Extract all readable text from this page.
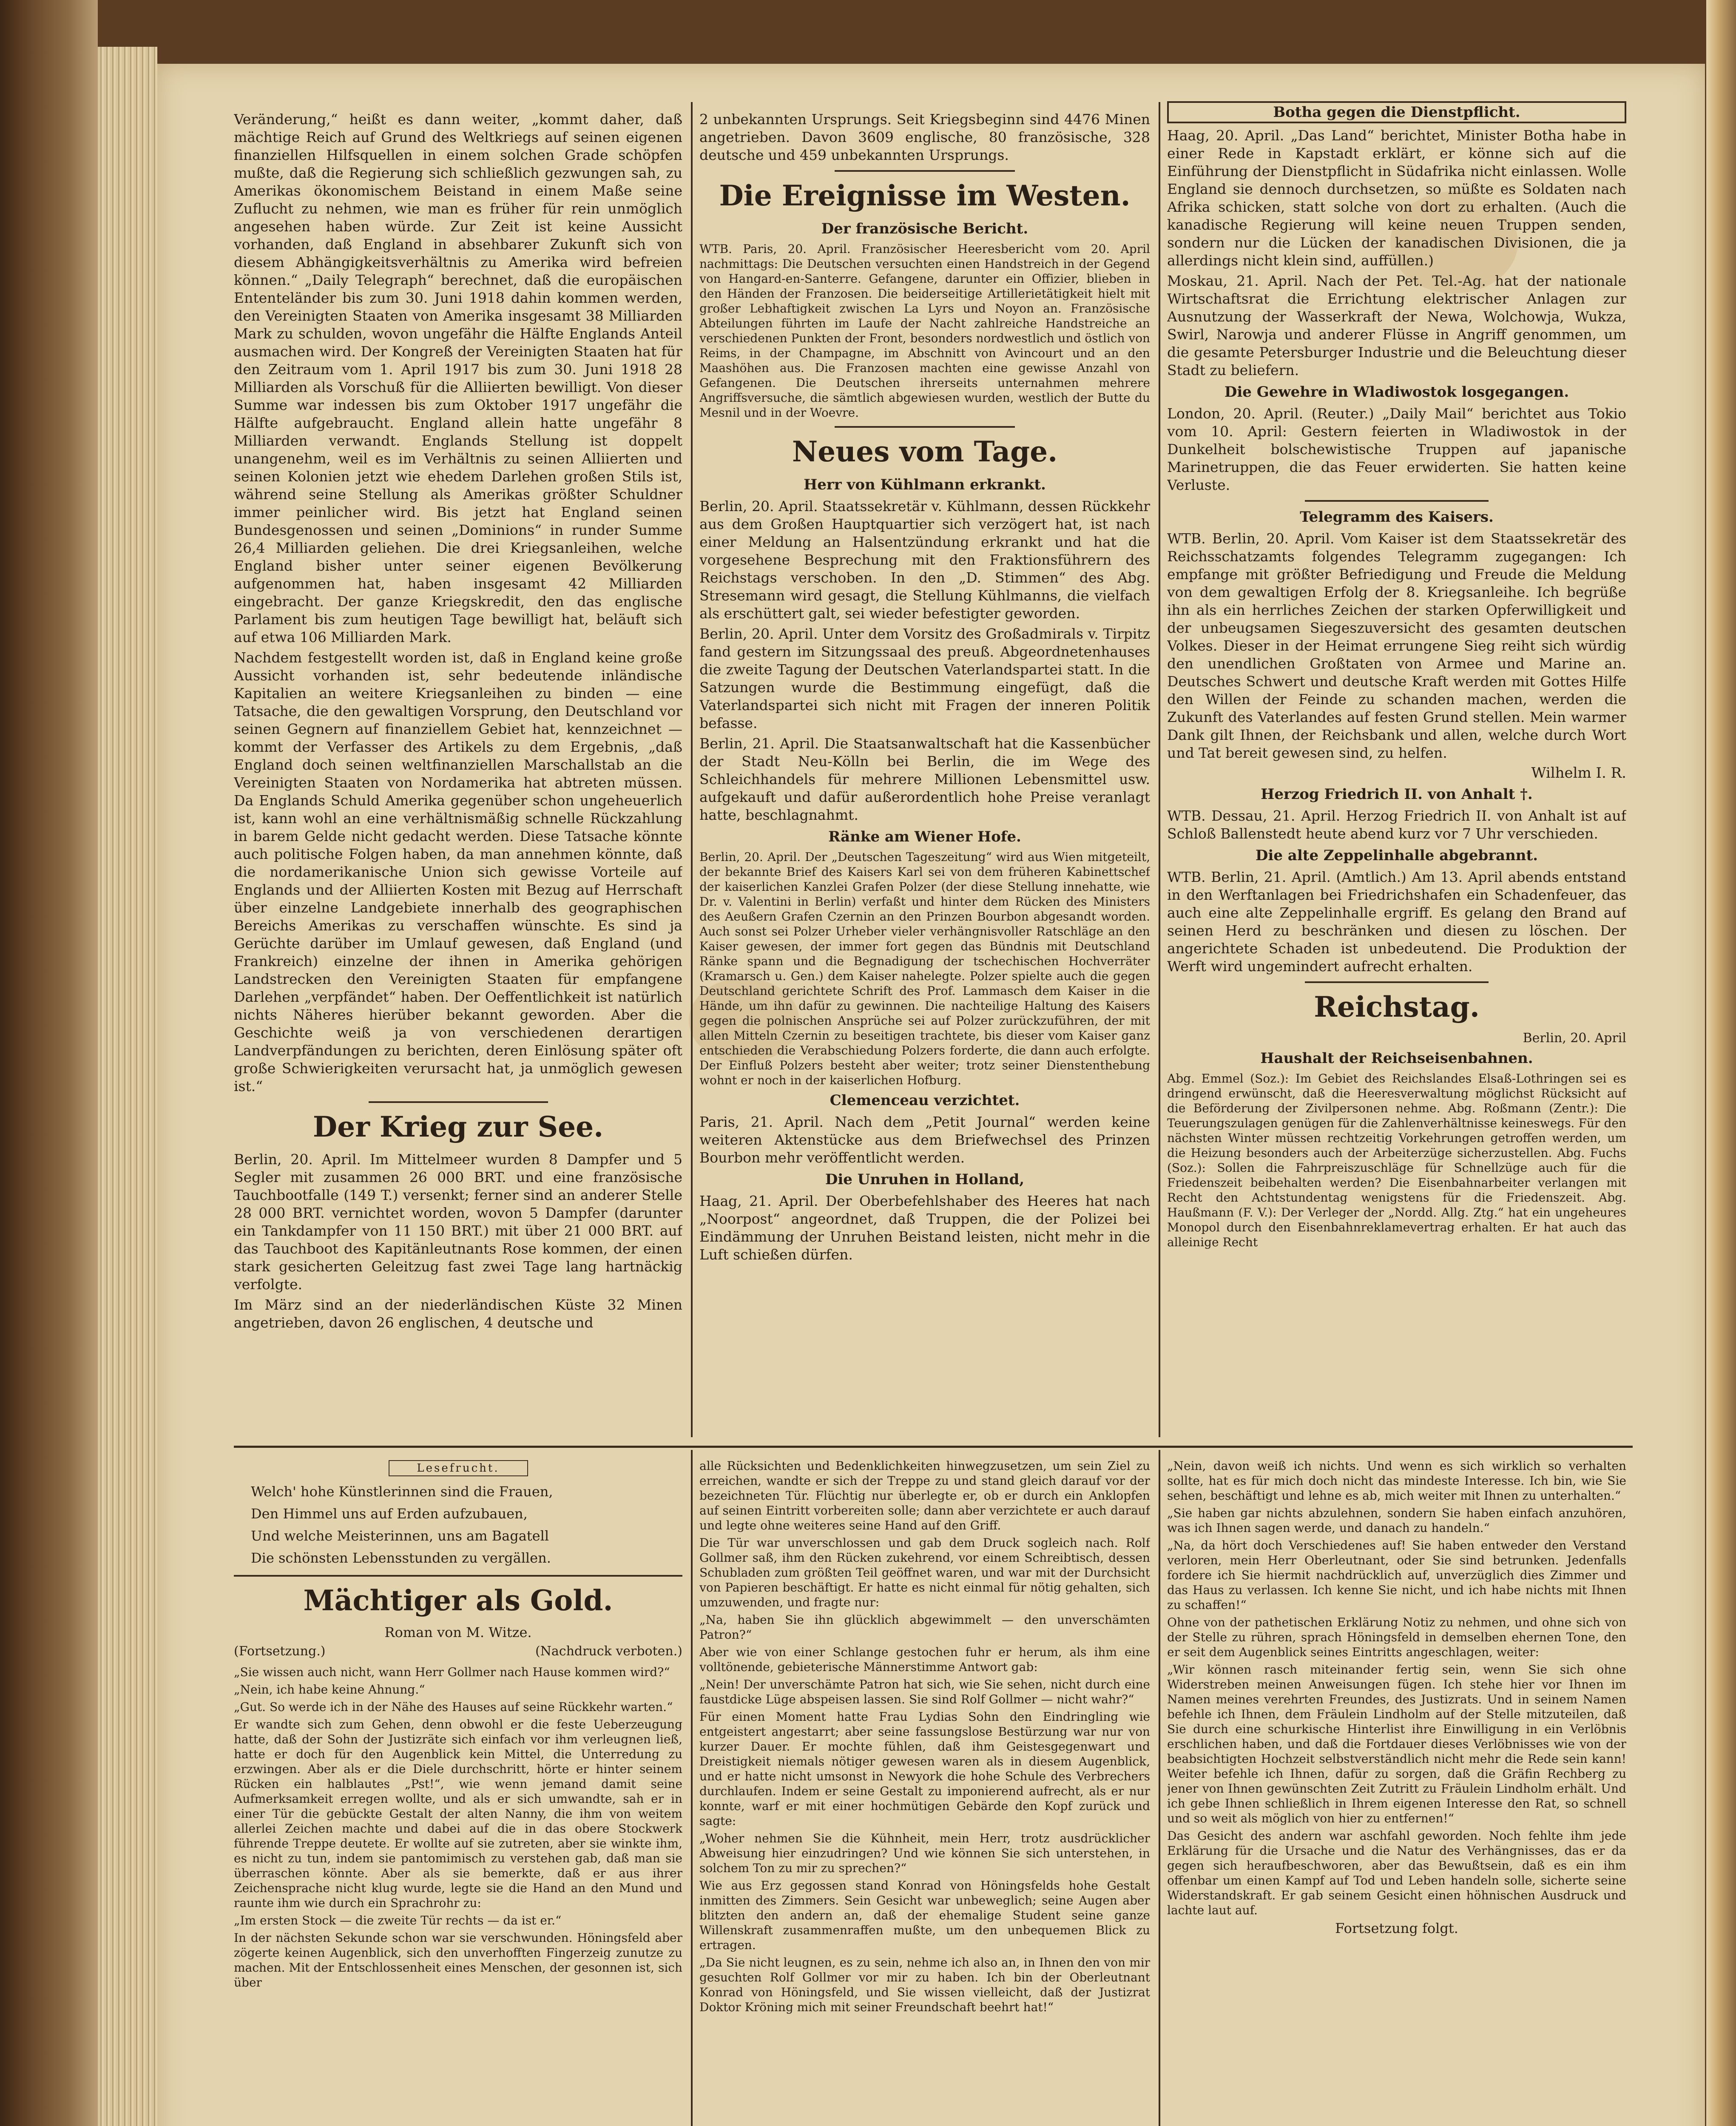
Veränderung,“ heißt es dann weiter, „kommt daher, daß mächtige Reich auf Grund des Weltkriegs auf seinen eigenen finanziellen Hilfsquellen in einem solchen Grade schöpfen mußte, daß die Regierung sich schließlich gezwungen sah, zu Amerikas ökonomischem Beistand in einem Maße seine Zuflucht zu nehmen, wie man es früher für rein unmöglich angesehen haben würde. Zur Zeit ist keine Aussicht vorhanden, daß England in absehbarer Zukunft sich von diesem Abhängigkeitsverhältnis zu Amerika wird befreien können.“ „Daily Telegraph“ berechnet, daß die europäischen Ententeländer bis zum 30. Juni 1918 dahin kommen werden, den Vereinigten Staaten von Amerika insgesamt 38 Milliarden Mark zu schulden, wovon ungefähr die Hälfte Englands Anteil ausmachen wird. Der Kongreß der Vereinigten Staaten hat für den Zeitraum vom 1. April 1917 bis zum 30. Juni 1918 28 Milliarden als Vorschuß für die Alliierten bewilligt. Von dieser Summe war indessen bis zum Oktober 1917 ungefähr die Hälfte aufgebraucht. England allein hatte ungefähr 8 Milliarden verwandt. Englands Stellung ist doppelt unangenehm, weil es im Verhältnis zu seinen Alliierten und seinen Kolonien jetzt wie ehedem Darlehen großen Stils ist, während seine Stellung als Amerikas größter Schuldner immer peinlicher wird. Bis jetzt hat England seinen Bundesgenossen und seinen „Dominions“ in runder Summe 26,4 Milliarden geliehen. Die drei Kriegsanleihen, welche England bisher unter seiner eigenen Bevölkerung aufgenommen hat, haben insgesamt 42 Milliarden eingebracht. Der ganze Kriegskredit, den das englische Parlament bis zum heutigen Tage bewilligt hat, beläuft sich auf etwa 106 Milliarden Mark.

Nachdem festgestellt worden ist, daß in England keine große Aussicht vorhanden ist, sehr bedeutende inländische Kapitalien an weitere Kriegsanleihen zu binden — eine Tatsache, die den gewaltigen Vorsprung, den Deutschland vor seinen Gegnern auf finanziellem Gebiet hat, kennzeichnet — kommt der Verfasser des Artikels zu dem Ergebnis, „daß England doch seinen weltfinanziellen Marschallstab an die Vereinigten Staaten von Nordamerika hat abtreten müssen. Da Englands Schuld Amerika gegenüber schon ungeheuerlich ist, kann wohl an eine verhältnismäßig schnelle Rückzahlung in barem Gelde nicht gedacht werden. Diese Tatsache könnte auch politische Folgen haben, da man annehmen könnte, daß die nordamerikanische Union sich gewisse Vorteile auf Englands und der Alliierten Kosten mit Bezug auf Herrschaft über einzelne Landgebiete innerhalb des geographischen Bereichs Amerikas zu verschaffen wünschte. Es sind ja Gerüchte darüber im Umlauf gewesen, daß England (und Frankreich) einzelne der ihnen in Amerika gehörigen Landstrecken den Vereinigten Staaten für empfangene Darlehen „verpfändet“ haben. Der Oeffentlichkeit ist natürlich nichts Näheres hierüber bekannt geworden. Aber die Geschichte weiß ja von verschiedenen derartigen Landverpfändungen zu berichten, deren Einlösung später oft große Schwierigkeiten verursacht hat, ja unmöglich gewesen ist.“

Der Krieg zur See.

Berlin, 20. April. Im Mittelmeer wurden 8 Dampfer und 5 Segler mit zusammen 26 000 BRT. und eine französische Tauchbootfalle (149 T.) versenkt; ferner sind an anderer Stelle 28 000 BRT. vernichtet worden, wovon 5 Dampfer (darunter ein Tankdampfer von 11 150 BRT.) mit über 21 000 BRT. auf das Tauchboot des Kapitänleutnants Rose kommen, der einen stark gesicherten Geleitzug fast zwei Tage lang hartnäckig verfolgte.

Im März sind an der niederländischen Küste 32 Minen angetrieben, davon 26 englischen, 4 deutsche und

2 unbekannten Ursprungs. Seit Kriegsbeginn sind 4476 Minen angetrieben. Davon 3609 englische, 80 französische, 328 deutsche und 459 unbekannten Ursprungs.

Die Ereignisse im Westen.
Der französische Bericht.

WTB. Paris, 20. April. Französischer Heeresbericht vom 20. April nachmittags: Die Deutschen versuchten einen Handstreich in der Gegend von Hangard-en-Santerre. Gefangene, darunter ein Offizier, blieben in den Händen der Franzosen. Die beiderseitige Artillerietätigkeit hielt mit großer Lebhaftigkeit zwischen La Lyrs und Noyon an. Französische Abteilungen führten im Laufe der Nacht zahlreiche Handstreiche an verschiedenen Punkten der Front, besonders nordwestlich und östlich von Reims, in der Champagne, im Abschnitt von Avincourt und an den Maashöhen aus. Die Franzosen machten eine gewisse Anzahl von Gefangenen. Die Deutschen ihrerseits unternahmen mehrere Angriffsversuche, die sämtlich abgewiesen wurden, westlich der Butte du Mesnil und in der Woevre.

Neues vom Tage.
Herr von Kühlmann erkrankt.

Berlin, 20. April. Staatssekretär v. Kühlmann, dessen Rückkehr aus dem Großen Hauptquartier sich verzögert hat, ist nach einer Meldung an Halsentzündung erkrankt und hat die vorgesehene Besprechung mit den Fraktionsführern des Reichstags verschoben. In den „D. Stimmen“ des Abg. Stresemann wird gesagt, die Stellung Kühlmanns, die vielfach als erschüttert galt, sei wieder befestigter geworden.

Berlin, 20. April. Unter dem Vorsitz des Großadmirals v. Tirpitz fand gestern im Sitzungssaal des preuß. Abgeordnetenhauses die zweite Tagung der Deutschen Vaterlandspartei statt. In die Satzungen wurde die Bestimmung eingefügt, daß die Vaterlandspartei sich nicht mit Fragen der inneren Politik befasse.

Berlin, 21. April. Die Staatsanwaltschaft hat die Kassenbücher der Stadt Neu-Kölln bei Berlin, die im Wege des Schleichhandels für mehrere Millionen Lebensmittel usw. aufgekauft und dafür außerordentlich hohe Preise veranlagt hatte, beschlagnahmt.

Ränke am Wiener Hofe.

Berlin, 20. April. Der „Deutschen Tageszeitung“ wird aus Wien mitgeteilt, der bekannte Brief des Kaisers Karl sei von dem früheren Kabinettschef der kaiserlichen Kanzlei Grafen Polzer (der diese Stellung innehatte, wie Dr. v. Valentini in Berlin) verfaßt und hinter dem Rücken des Ministers des Aeußern Grafen Czernin an den Prinzen Bourbon abgesandt worden. Auch sonst sei Polzer Urheber vieler verhängnisvoller Ratschläge an den Kaiser gewesen, der immer fort gegen das Bündnis mit Deutschland Ränke spann und die Begnadigung der tschechischen Hochverräter (Kramarsch u. Gen.) dem Kaiser nahelegte. Polzer spielte auch die gegen Deutschland gerichtete Schrift des Prof. Lammasch dem Kaiser in die Hände, um ihn dafür zu gewinnen. Die nachteilige Haltung des Kaisers gegen die polnischen Ansprüche sei auf Polzer zurückzuführen, der mit allen Mitteln Czernin zu beseitigen trachtete, bis dieser vom Kaiser ganz entschieden die Verabschiedung Polzers forderte, die dann auch erfolgte. Der Einfluß Polzers besteht aber weiter; trotz seiner Dienstenthebung wohnt er noch in der kaiserlichen Hofburg.

Clemenceau verzichtet.

Paris, 21. April. Nach dem „Petit Journal“ werden keine weiteren Aktenstücke aus dem Briefwechsel des Prinzen Bourbon mehr veröffentlicht werden.

Die Unruhen in Holland,

Haag, 21. April. Der Oberbefehlshaber des Heeres hat nach „Noorpost“ angeordnet, daß Truppen, die der Polizei bei Eindämmung der Unruhen Beistand leisten, nicht mehr in die Luft schießen dürfen.

Botha gegen die Dienstpflicht.

Haag, 20. April. „Das Land“ berichtet, Minister Botha habe in einer Rede in Kapstadt erklärt, er könne sich auf die Einführung der Dienstpflicht in Südafrika nicht einlassen. Wolle England sie dennoch durchsetzen, so müßte es Soldaten nach Afrika schicken, statt solche von dort zu erhalten. (Auch die kanadische Regierung will keine neuen Truppen senden, sondern nur die Lücken der kanadischen Divisionen, die ja allerdings nicht klein sind, auffüllen.)

Moskau, 21. April. Nach der Pet. Tel.-Ag. hat der nationale Wirtschaftsrat die Errichtung elektrischer Anlagen zur Ausnutzung der Wasserkraft der Newa, Wolchowja, Wukza, Swirl, Narowja und anderer Flüsse in Angriff genommen, um die gesamte Petersburger Industrie und die Beleuchtung dieser Stadt zu beliefern.

Die Gewehre in Wladiwostok losgegangen.

London, 20. April. (Reuter.) „Daily Mail“ berichtet aus Tokio vom 10. April: Gestern feierten in Wladiwostok in der Dunkelheit bolschewistische Truppen auf japanische Marinetruppen, die das Feuer erwiderten. Sie hatten keine Verluste.

Telegramm des Kaisers.

WTB. Berlin, 20. April. Vom Kaiser ist dem Staatssekretär des Reichsschatzamts folgendes Telegramm zugegangen: Ich empfange mit größter Befriedigung und Freude die Meldung von dem gewaltigen Erfolg der 8. Kriegsanleihe. Ich begrüße ihn als ein herrliches Zeichen der starken Opferwilligkeit und der unbeugsamen Siegeszuversicht des gesamten deutschen Volkes. Dieser in der Heimat errungene Sieg reiht sich würdig den unendlichen Großtaten von Armee und Marine an. Deutsches Schwert und deutsche Kraft werden mit Gottes Hilfe den Willen der Feinde zu schanden machen, werden die Zukunft des Vaterlandes auf festen Grund stellen. Mein warmer Dank gilt Ihnen, der Reichsbank und allen, welche durch Wort und Tat bereit gewesen sind, zu helfen.

Wilhelm I. R.
Herzog Friedrich II. von Anhalt †.

WTB. Dessau, 21. April. Herzog Friedrich II. von Anhalt ist auf Schloß Ballenstedt heute abend kurz vor 7 Uhr verschieden.

Die alte Zeppelinhalle abgebrannt.

WTB. Berlin, 21. April. (Amtlich.) Am 13. April abends entstand in den Werftanlagen bei Friedrichshafen ein Schadenfeuer, das auch eine alte Zeppelinhalle ergriff. Es gelang den Brand auf seinen Herd zu beschränken und diesen zu löschen. Der angerichtete Schaden ist unbedeutend. Die Produktion der Werft wird ungemindert aufrecht erhalten.

Reichstag.
Berlin, 20. April
Haushalt der Reichseisenbahnen.

Abg. Emmel (Soz.): Im Gebiet des Reichslandes Elsaß-Lothringen sei es dringend erwünscht, daß die Heeresverwaltung möglichst Rücksicht auf die Beförderung der Zivilpersonen nehme. Abg. Roßmann (Zentr.): Die Teuerungszulagen genügen für die Zahlenverhältnisse keineswegs. Für den nächsten Winter müssen rechtzeitig Vorkehrungen getroffen werden, um die Heizung besonders auch der Arbeiterzüge sicherzustellen. Abg. Fuchs (Soz.): Sollen die Fahrpreiszuschläge für Schnellzüge auch für die Friedenszeit beibehalten werden? Die Eisenbahnarbeiter verlangen mit Recht den Achtstundentag wenigstens für die Friedenszeit. Abg. Haußmann (F. V.): Der Verleger der „Nordd. Allg. Ztg.“ hat ein ungeheures Monopol durch den Eisenbahnreklamevertrag erhalten. Er hat auch das alleinige Recht

Lesefrucht.
Welch' hohe Künstlerinnen sind die Frauen,
Den Himmel uns auf Erden aufzubauen,
Und welche Meisterinnen, uns am Bagatell
Die schönsten Lebensstunden zu vergällen.
Mächtiger als Gold.
Roman von M. Witze.
(Fortsetzung.)	(Nachdruck verboten.)

„Sie wissen auch nicht, wann Herr Gollmer nach Hause kommen wird?“

„Nein, ich habe keine Ahnung.“

„Gut. So werde ich in der Nähe des Hauses auf seine Rückkehr warten.“

Er wandte sich zum Gehen, denn obwohl er die feste Ueberzeugung hatte, daß der Sohn der Justizräte sich einfach vor ihm verleugnen ließ, hatte er doch für den Augenblick kein Mittel, die Unterredung zu erzwingen. Aber als er die Diele durchschritt, hörte er hinter seinem Rücken ein halblautes „Pst!“, wie wenn jemand damit seine Aufmerksamkeit erregen wollte, und als er sich umwandte, sah er in einer Tür die gebückte Gestalt der alten Nanny, die ihm von weitem allerlei Zeichen machte und dabei auf die in das obere Stockwerk führende Treppe deutete. Er wollte auf sie zutreten, aber sie winkte ihm, es nicht zu tun, indem sie pantomimisch zu verstehen gab, daß man sie überraschen könnte. Aber als sie bemerkte, daß er aus ihrer Zeichensprache nicht klug wurde, legte sie die Hand an den Mund und raunte ihm wie durch ein Sprachrohr zu:

„Im ersten Stock — die zweite Tür rechts — da ist er.“

In der nächsten Sekunde schon war sie verschwunden. Höningsfeld aber zögerte keinen Augenblick, sich den unverhofften Fingerzeig zunutze zu machen. Mit der Entschlossenheit eines Menschen, der gesonnen ist, sich über

alle Rücksichten und Bedenklichkeiten hinwegzusetzen, um sein Ziel zu erreichen, wandte er sich der Treppe zu und stand gleich darauf vor der bezeichneten Tür. Flüchtig nur überlegte er, ob er durch ein Anklopfen auf seinen Eintritt vorbereiten solle; dann aber verzichtete er auch darauf und legte ohne weiteres seine Hand auf den Griff.

Die Tür war unverschlossen und gab dem Druck sogleich nach. Rolf Gollmer saß, ihm den Rücken zukehrend, vor einem Schreibtisch, dessen Schubladen zum größten Teil geöffnet waren, und war mit der Durchsicht von Papieren beschäftigt. Er hatte es nicht einmal für nötig gehalten, sich umzuwenden, und fragte nur:

„Na, haben Sie ihn glücklich abgewimmelt — den unverschämten Patron?“

Aber wie von einer Schlange gestochen fuhr er herum, als ihm eine volltönende, gebieterische Männerstimme Antwort gab:

„Nein! Der unverschämte Patron hat sich, wie Sie sehen, nicht durch eine faustdicke Lüge abspeisen lassen. Sie sind Rolf Gollmer — nicht wahr?“

Für einen Moment hatte Frau Lydias Sohn den Eindringling wie entgeistert angestarrt; aber seine fassungslose Bestürzung war nur von kurzer Dauer. Er mochte fühlen, daß ihm Geistesgegenwart und Dreistigkeit niemals nötiger gewesen waren als in diesem Augenblick, und er hatte nicht umsonst in Newyork die hohe Schule des Verbrechers durchlaufen. Indem er seine Gestalt zu imponierend aufrecht, als er nur konnte, warf er mit einer hochmütigen Gebärde den Kopf zurück und sagte:

„Woher nehmen Sie die Kühnheit, mein Herr, trotz ausdrücklicher Abweisung hier einzudringen? Und wie können Sie sich unterstehen, in solchem Ton zu mir zu sprechen?“

Wie aus Erz gegossen stand Konrad von Höningsfelds hohe Gestalt inmitten des Zimmers. Sein Gesicht war unbeweglich; seine Augen aber blitzten den andern an, daß der ehemalige Student seine ganze Willenskraft zusammenraffen mußte, um den unbequemen Blick zu ertragen.

„Da Sie nicht leugnen, es zu sein, nehme ich also an, in Ihnen den von mir gesuchten Rolf Gollmer vor mir zu haben. Ich bin der Oberleutnant Konrad von Höningsfeld, und Sie wissen vielleicht, daß der Justizrat Doktor Kröning mich mit seiner Freundschaft beehrt hat!“

„Nein, davon weiß ich nichts. Und wenn es sich wirklich so verhalten sollte, hat es für mich doch nicht das mindeste Interesse. Ich bin, wie Sie sehen, beschäftigt und lehne es ab, mich weiter mit Ihnen zu unterhalten.“

„Sie haben gar nichts abzulehnen, sondern Sie haben einfach anzuhören, was ich Ihnen sagen werde, und danach zu handeln.“

„Na, da hört doch Verschiedenes auf! Sie haben entweder den Verstand verloren, mein Herr Oberleutnant, oder Sie sind betrunken. Jedenfalls fordere ich Sie hiermit nachdrücklich auf, unverzüglich dies Zimmer und das Haus zu verlassen. Ich kenne Sie nicht, und ich habe nichts mit Ihnen zu schaffen!“

Ohne von der pathetischen Erklärung Notiz zu nehmen, und ohne sich von der Stelle zu rühren, sprach Höningsfeld in demselben ehernen Tone, den er seit dem Augenblick seines Eintritts angeschlagen, weiter:

„Wir können rasch miteinander fertig sein, wenn Sie sich ohne Widerstreben meinen Anweisungen fügen. Ich stehe hier vor Ihnen im Namen meines verehrten Freundes, des Justizrats. Und in seinem Namen befehle ich Ihnen, dem Fräulein Lindholm auf der Stelle mitzuteilen, daß Sie durch eine schurkische Hinterlist ihre Einwilligung in ein Verlöbnis erschlichen haben, und daß die Fortdauer dieses Verlöbnisses wie von der beabsichtigten Hochzeit selbstverständlich nicht mehr die Rede sein kann! Weiter befehle ich Ihnen, dafür zu sorgen, daß die Gräfin Rechberg zu jener von Ihnen gewünschten Zeit Zutritt zu Fräulein Lindholm erhält. Und ich gebe Ihnen schließlich in Ihrem eigenen Interesse den Rat, so schnell und so weit als möglich von hier zu entfernen!“

Das Gesicht des andern war aschfahl geworden. Noch fehlte ihm jede Erklärung für die Ursache und die Natur des Verhängnisses, das er da gegen sich heraufbeschworen, aber das Bewußtsein, daß es ein ihm offenbar um einen Kampf auf Tod und Leben handeln solle, sicherte seine Widerstandskraft. Er gab seinem Gesicht einen höhnischen Ausdruck und lachte laut auf.

Fortsetzung folgt.
